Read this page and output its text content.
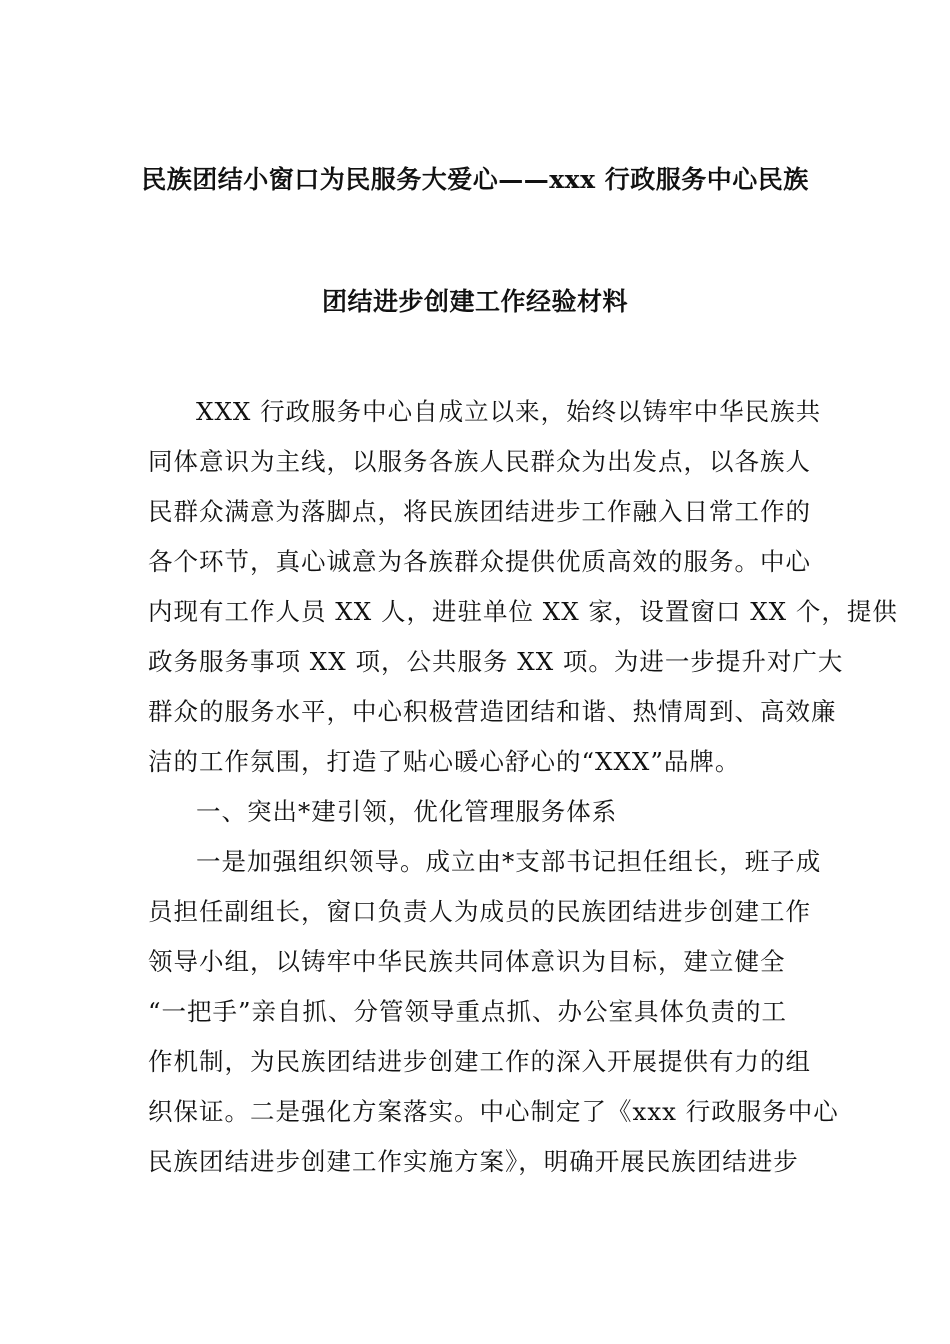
民族团结小窗口为民服务大爱心——xxx 行政服务中心民族
团结进步创建工作经验材料
XXX 行政服务中心自成立以来，始终以铸牢中华民族共
同体意识为主线，以服务各族人民群众为出发点，以各族人
民群众满意为落脚点，将民族团结进步工作融入日常工作的
各个环节，真心诚意为各族群众提供优质高效的服务。中心
内现有工作人员 XX 人，进驻单位 XX 家，设置窗口 XX 个，提供
政务服务事项 XX 项，公共服务 XX 项。为进一步提升对广大
群众的服务水平，中心积极营造团结和谐、热情周到、高效廉
洁的工作氛围，打造了贴心暖心舒心的“XXX”品牌。
一、突出*建引领，优化管理服务体系
一是加强组织领导。成立由*支部书记担任组长，班子成
员担任副组长，窗口负责人为成员的民族团结进步创建工作
领导小组，以铸牢中华民族共同体意识为目标，建立健全
“一把手”亲自抓、分管领导重点抓、办公室具体负责的工
作机制，为民族团结进步创建工作的深入开展提供有力的组
织保证。二是强化方案落实。中心制定了《xxx 行政服务中心
民族团结进步创建工作实施方案》，明确开展民族团结进步
